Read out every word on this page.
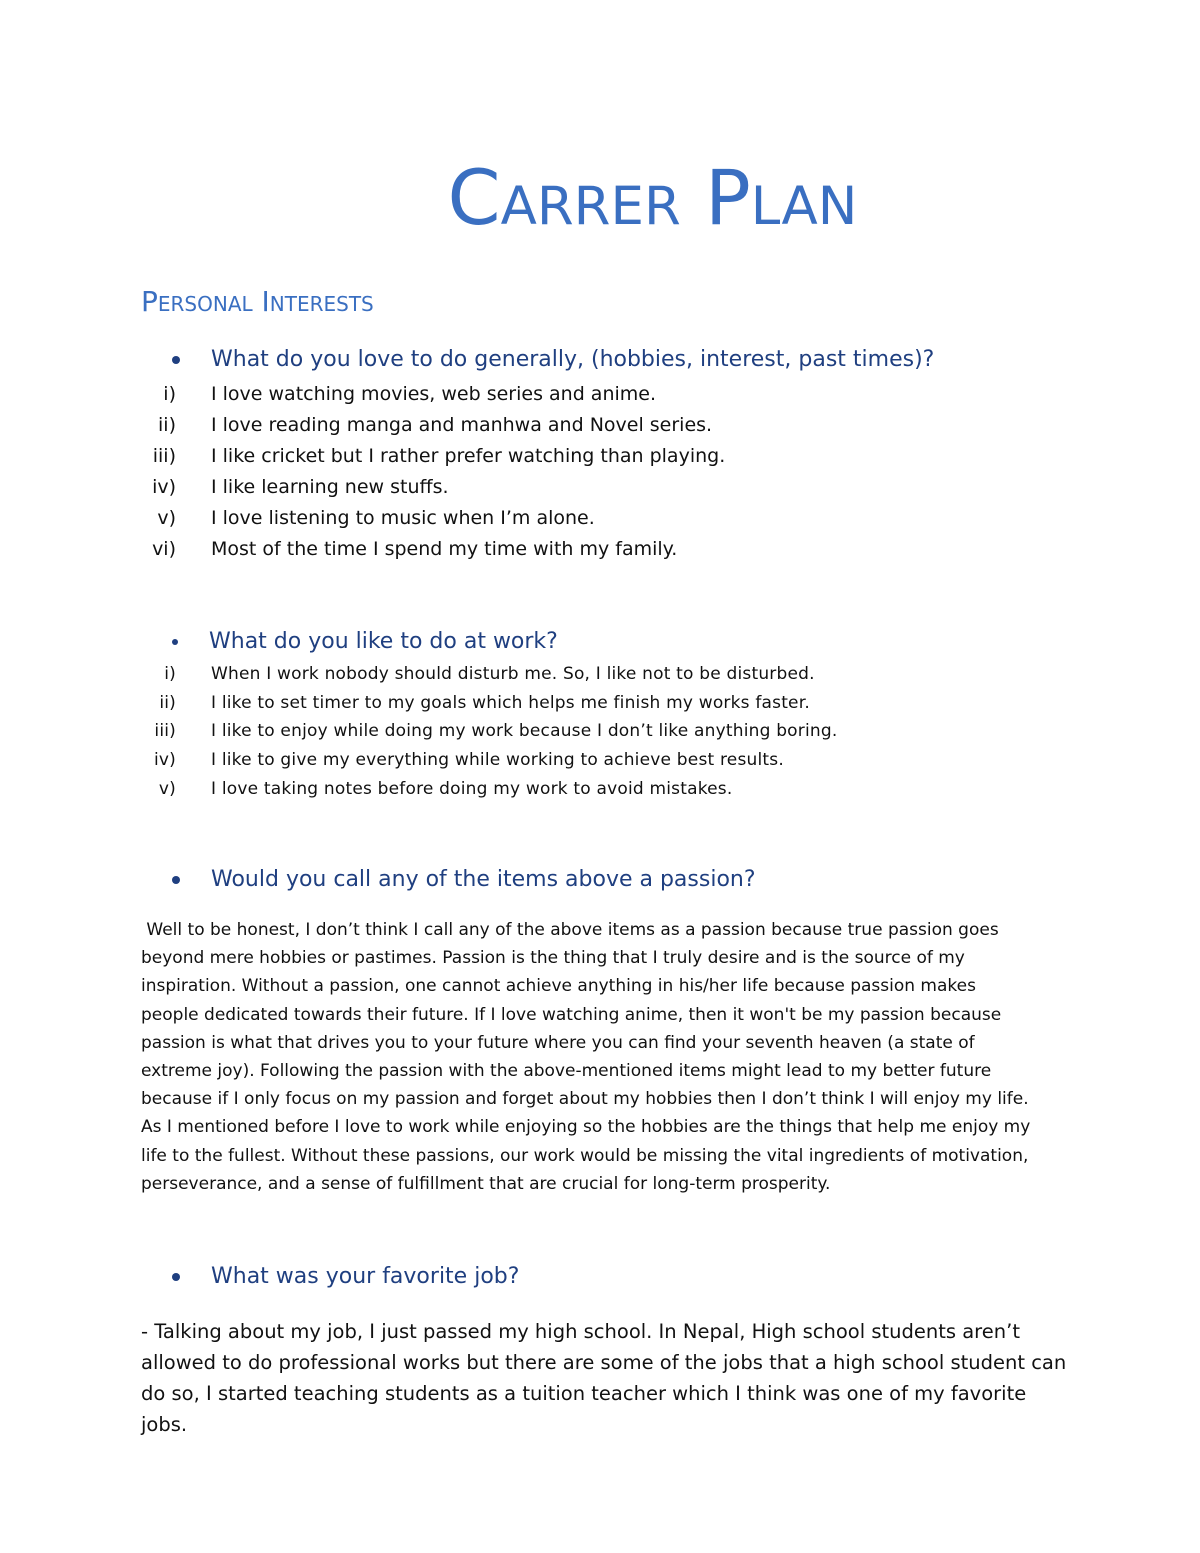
Carrer Plan
Personal Interests
What do you love to do generally, (hobbies, interest, past times)?
i) I love watching movies, web series and anime.
ii) I love reading manga and manhwa and Novel series.
iii) I like cricket but I rather prefer watching than playing.
iv) I like learning new stuffs.
v) I love listening to music when I’m alone.
vi) Most of the time I spend my time with my family.
What do you like to do at work?
i) When I work nobody should disturb me. So, I like not to be disturbed.
ii) I like to set timer to my goals which helps me finish my works faster.
iii) I like to enjoy while doing my work because I don’t like anything boring.
iv) I like to give my everything while working to achieve best results.
v) I love taking notes before doing my work to avoid mistakes.
Would you call any of the items above a passion?
Well to be honest, I don’t think I call any of the above items as a passion because true passion goes
beyond mere hobbies or pastimes. Passion is the thing that I truly desire and is the source of my
inspiration. Without a passion, one cannot achieve anything in his/her life because passion makes
people dedicated towards their future. If I love watching anime, then it won't be my passion because
passion is what that drives you to your future where you can find your seventh heaven (a state of
extreme joy). Following the passion with the above-mentioned items might lead to my better future
because if I only focus on my passion and forget about my hobbies then I don’t think I will enjoy my life.
As I mentioned before I love to work while enjoying so the hobbies are the things that help me enjoy my
life to the fullest. Without these passions, our work would be missing the vital ingredients of motivation,
perseverance, and a sense of fulfillment that are crucial for long-term prosperity.
What was your favorite job?
- Talking about my job, I just passed my high school. In Nepal, High school students aren’t
allowed to do professional works but there are some of the jobs that a high school student can
do so, I started teaching students as a tuition teacher which I think was one of my favorite jobs.
